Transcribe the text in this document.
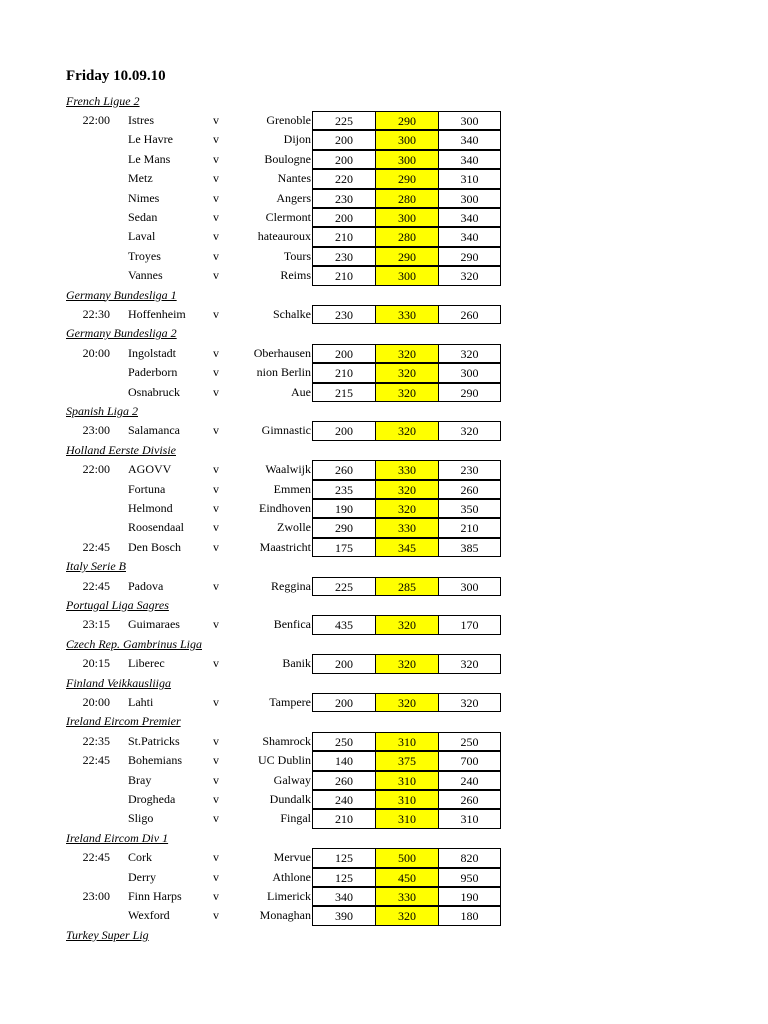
Friday 10.09.10
French Ligue 2
22:00 Istres	v	Grenoble	225	290	300
Le Havre	v	Dijon	200	300	340
Le Mans	v	Boulogne	200	300	340
Metz	v	Nantes	220	290	310
Nimes	v	Angers	230	280	300
Sedan	v	Clermont	200	300	340
Laval	v	hateauroux	210	280	340
Troyes	v	Tours	230	290	290
Vannes	v	Reims	210	300	320
Germany Bundesliga 1
22:30 Hoffenheim v	Schalke	230	330	260
Germany Bundesliga 2
20:00 Ingolstadt	v	Oberhausen	200	320	320
Paderborn	v	nion Berlin	210	320	300
Osnabruck	v	Aue	215	320	290
Spanish Liga 2
23:00 Salamanca	v	Gimnastic	200	320	320
Holland Eerste Divisie
22:00 AGOVV	v	Waalwijk	260	330	230
Fortuna	v	Emmen	235	320	260
Helmond	v	Eindhoven	190	320	350
Roosendaal v	Zwolle	290	330	210
22:45 Den Bosch	v	Maastricht	175	345	385
Italy Serie B
22:45 Padova	v	Reggina	225	285	300
Portugal Liga Sagres
23:15 Guimaraes	v	Benfica	435	320	170
Czech Rep. Gambrinus Liga
20:15 Liberec	v	Banik	200	320	320
Finland Veikkausliiga
20:00 Lahti	v	Tampere	200	320	320
Ireland Eircom Premier
22:35 St.Patricks	v	Shamrock	250	310	250
22:45 Bohemians	v	UC Dublin	140	375	700
Bray	v	Galway	260	310	240
Drogheda	v	Dundalk	240	310	260
Sligo	v	Fingal	210	310	310
Ireland Eircom Div 1
22:45 Cork	v	Mervue	125	500	820
Derry	v	Athlone	125	450	950
23:00 Finn Harps	v	Limerick	340	330	190
Wexford	v	Monaghan	390	320	180
Turkey Super Lig
